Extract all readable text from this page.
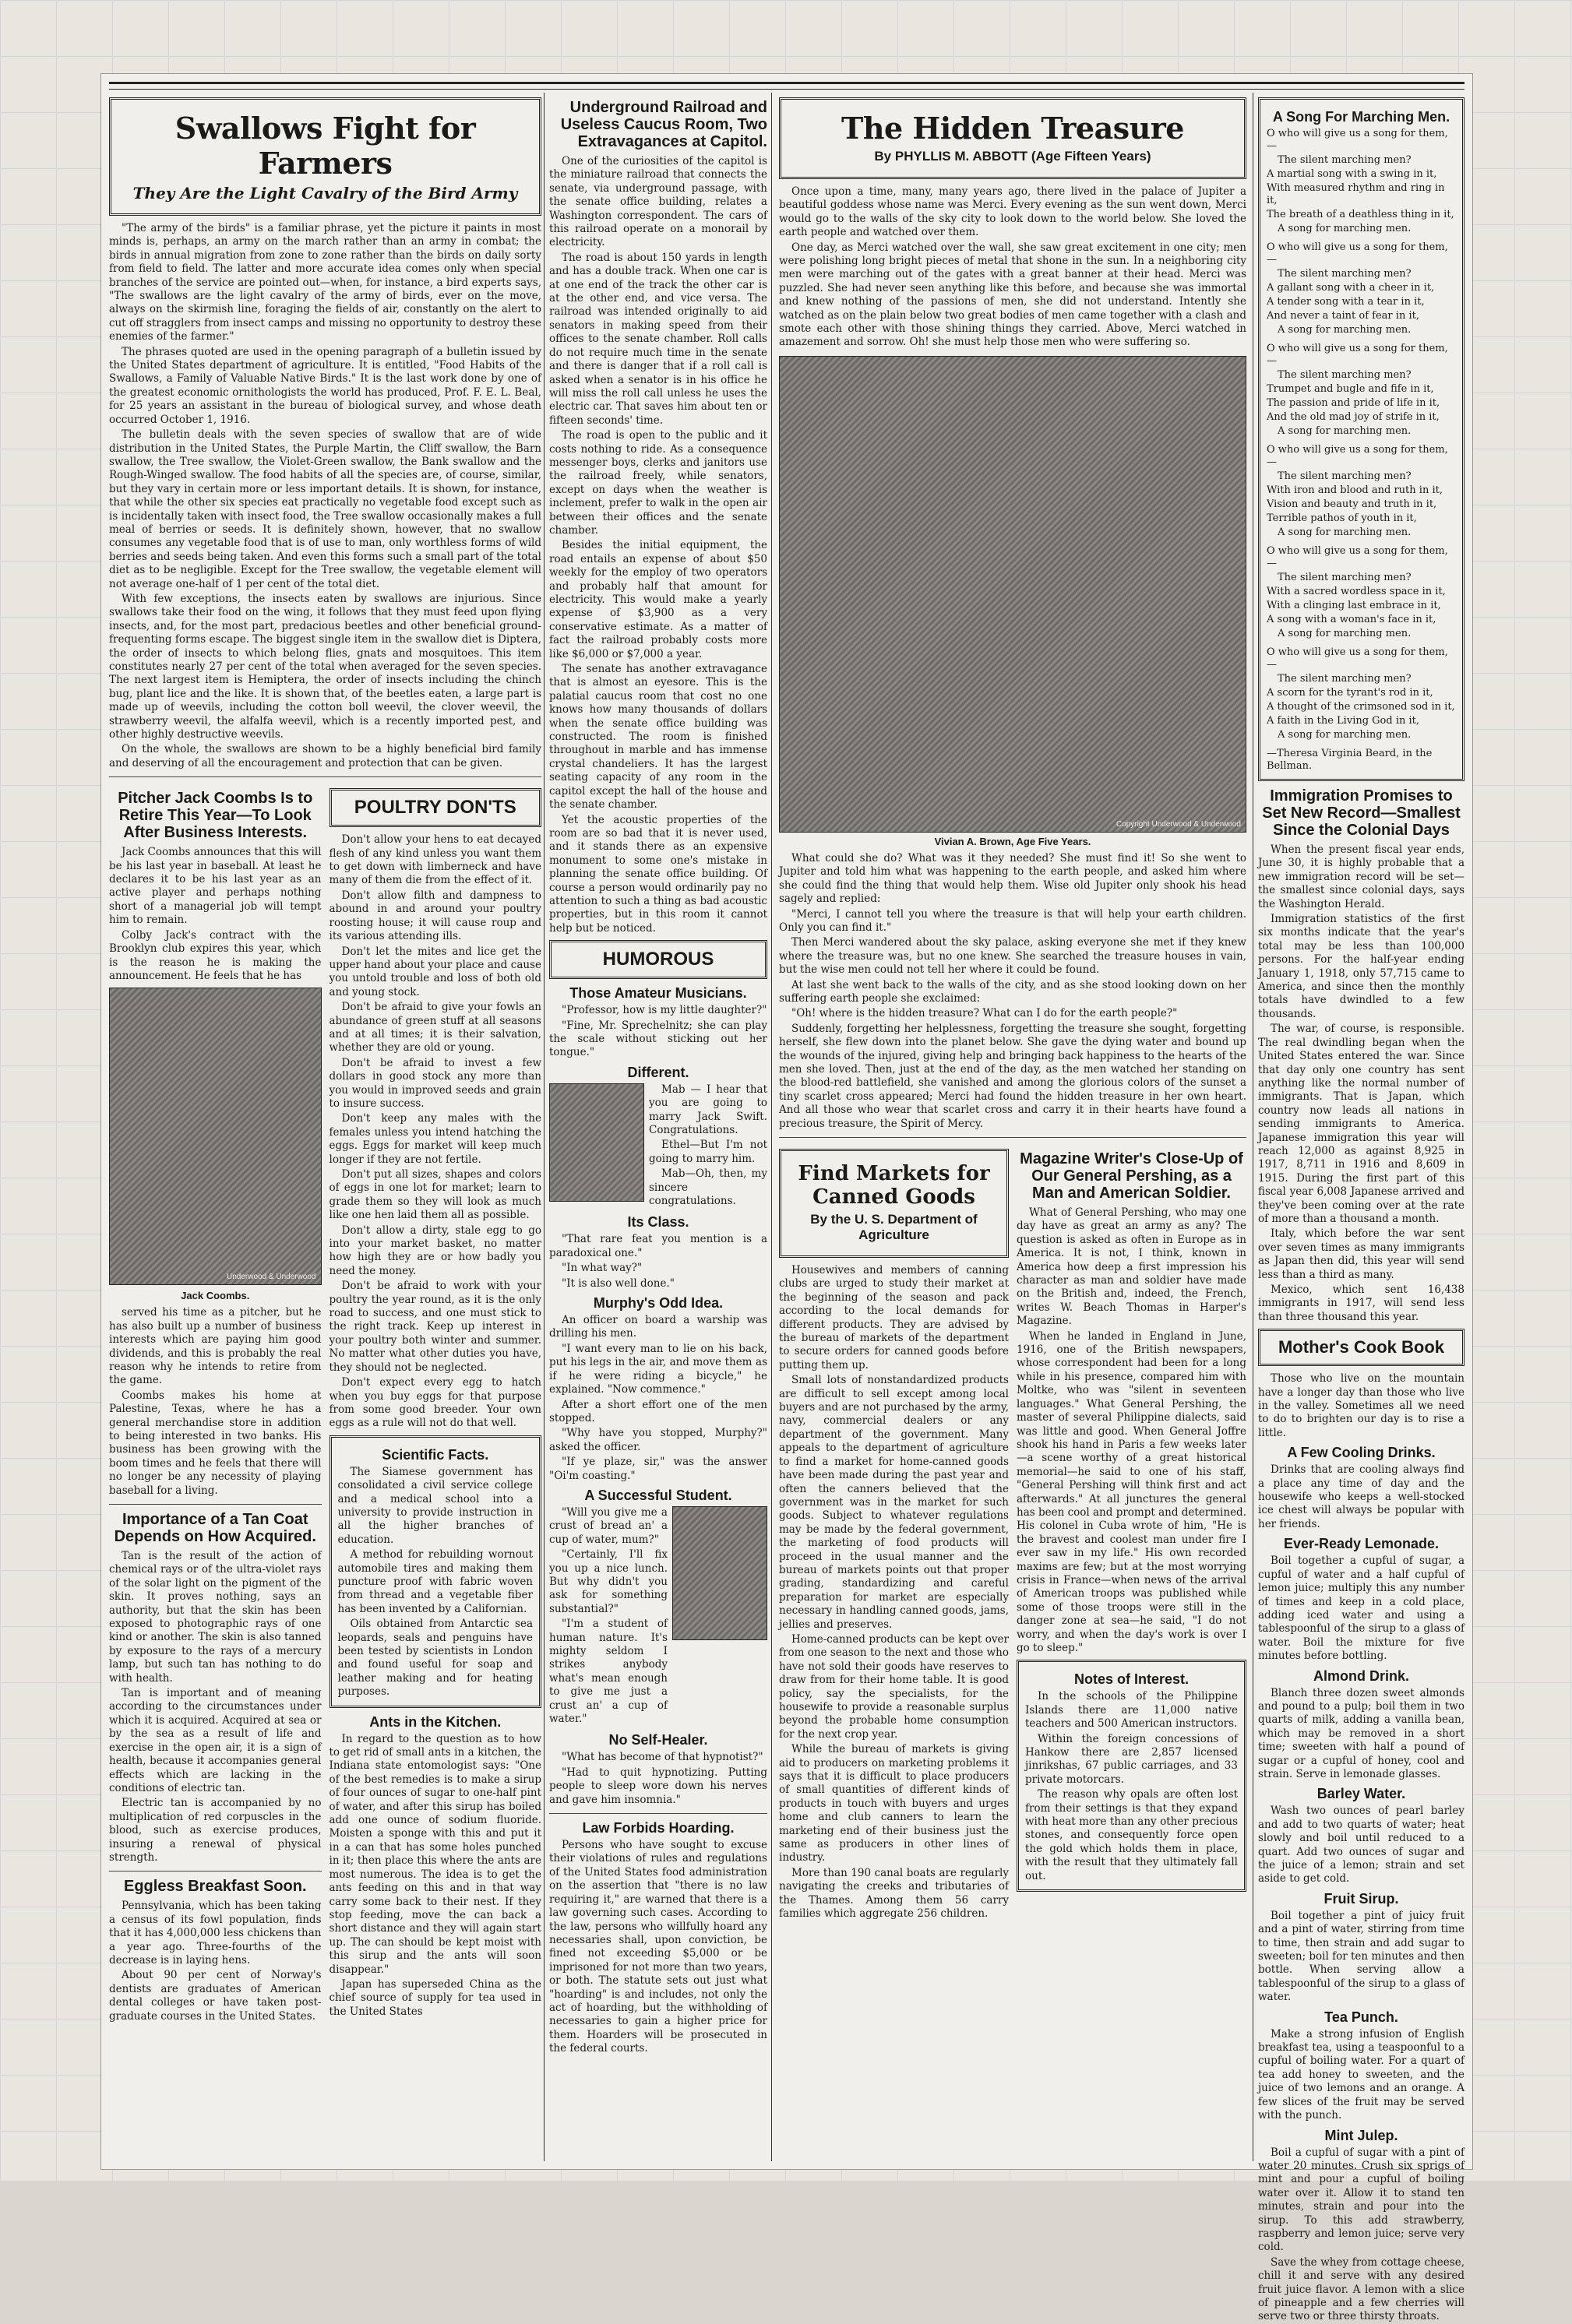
Swallows Fight for Farmers
They Are the Light Cavalry of the Bird Army

"The army of the birds" is a familiar phrase, yet the picture it paints in most minds is, perhaps, an army on the march rather than an army in combat; the birds in annual migration from zone to zone rather than the birds on daily sorty from field to field. The latter and more accurate idea comes only when special branches of the service are pointed out—when, for instance, a bird experts says, "The swallows are the light cavalry of the army of birds, ever on the move, always on the skirmish line, foraging the fields of air, constantly on the alert to cut off stragglers from insect camps and missing no opportunity to destroy these enemies of the farmer."

The phrases quoted are used in the opening paragraph of a bulletin issued by the United States department of agriculture. It is entitled, "Food Habits of the Swallows, a Family of Valuable Native Birds." It is the last work done by one of the greatest economic ornithologists the world has produced, Prof. F. E. L. Beal, for 25 years an assistant in the bureau of biological survey, and whose death occurred October 1, 1916.

The bulletin deals with the seven species of swallow that are of wide distribution in the United States, the Purple Martin, the Cliff swallow, the Barn swallow, the Tree swallow, the Violet-Green swallow, the Bank swallow and the Rough-Winged swallow. The food habits of all the species are, of course, similar, but they vary in certain more or less important details. It is shown, for instance, that while the other six species eat practically no vegetable food except such as is incidentally taken with insect food, the Tree swallow occasionally makes a full meal of berries or seeds. It is definitely shown, however, that no swallow consumes any vegetable food that is of use to man, only worthless forms of wild berries and seeds being taken. And even this forms such a small part of the total diet as to be negligible. Except for the Tree swallow, the vegetable element will not average one-half of 1 per cent of the total diet.

With few exceptions, the insects eaten by swallows are injurious. Since swallows take their food on the wing, it follows that they must feed upon flying insects, and, for the most part, predacious beetles and other beneficial ground-frequenting forms escape. The biggest single item in the swallow diet is Diptera, the order of insects to which belong flies, gnats and mosquitoes. This item constitutes nearly 27 per cent of the total when averaged for the seven species. The next largest item is Hemiptera, the order of insects including the chinch bug, plant lice and the like. It is shown that, of the beetles eaten, a large part is made up of weevils, including the cotton boll weevil, the clover weevil, the strawberry weevil, the alfalfa weevil, which is a recently imported pest, and other highly destructive weevils.

On the whole, the swallows are shown to be a highly beneficial bird family and deserving of all the encouragement and protection that can be given.

Pitcher Jack Coombs Is to Retire This Year—To Look After Business Interests.

Jack Coombs announces that this will be his last year in baseball. At least he declares it to be his last year as an active player and perhaps nothing short of a managerial job will tempt him to remain.

Colby Jack's contract with the Brooklyn club expires this year, which is the reason he is making the announcement. He feels that he has

Underwood & Underwood
Jack Coombs.

served his time as a pitcher, but he has also built up a number of business interests which are paying him good dividends, and this is probably the real reason why he intends to retire from the game.

Coombs makes his home at Palestine, Texas, where he has a general merchandise store in addition to being interested in two banks. His business has been growing with the boom times and he feels that there will no longer be any necessity of playing baseball for a living.

Importance of a Tan Coat Depends on How Acquired.

Tan is the result of the action of chemical rays or of the ultra-violet rays of the solar light on the pigment of the skin. It proves nothing, says an authority, but that the skin has been exposed to photographic rays of one kind or another. The skin is also tanned by exposure to the rays of a mercury lamp, but such tan has nothing to do with health.

Tan is important and of meaning according to the circumstances under which it is acquired. Acquired at sea or by the sea as a result of life and exercise in the open air, it is a sign of health, because it accompanies general effects which are lacking in the conditions of electric tan.

Electric tan is accompanied by no multiplication of red corpuscles in the blood, such as exercise produces, insuring a renewal of physical strength.

Eggless Breakfast Soon.

Pennsylvania, which has been taking a census of its fowl population, finds that it has 4,000,000 less chickens than a year ago. Three-fourths of the decrease is in laying hens.

About 90 per cent of Norway's dentists are graduates of American dental colleges or have taken post-graduate courses in the United States.

POULTRY DON'TS

Don't allow your hens to eat decayed flesh of any kind unless you want them to get down with limberneck and have many of them die from the effect of it.

Don't allow filth and dampness to abound in and around your poultry roosting house; it will cause roup and its various attending ills.

Don't let the mites and lice get the upper hand about your place and cause you untold trouble and loss of both old and young stock.

Don't be afraid to give your fowls an abundance of green stuff at all seasons and at all times; it is their salvation, whether they are old or young.

Don't be afraid to invest a few dollars in good stock any more than you would in improved seeds and grain to insure success.

Don't keep any males with the females unless you intend hatching the eggs. Eggs for market will keep much longer if they are not fertile.

Don't put all sizes, shapes and colors of eggs in one lot for market; learn to grade them so they will look as much like one hen laid them all as possible.

Don't allow a dirty, stale egg to go into your market basket, no matter how high they are or how badly you need the money.

Don't be afraid to work with your poultry the year round, as it is the only road to success, and one must stick to the right track. Keep up interest in your poultry both winter and summer. No matter what other duties you have, they should not be neglected.

Don't expect every egg to hatch when you buy eggs for that purpose from some good breeder. Your own eggs as a rule will not do that well.

Scientific Facts.

The Siamese government has consolidated a civil service college and a medical school into a university to provide instruction in all the higher branches of education.

A method for rebuilding wornout automobile tires and making them puncture proof with fabric woven from thread and a vegetable fiber has been invented by a Californian.

Oils obtained from Antarctic sea leopards, seals and penguins have been tested by scientists in London and found useful for soap and leather making and for heating purposes.

Ants in the Kitchen.

In regard to the question as to how to get rid of small ants in a kitchen, the Indiana state entomologist says: "One of the best remedies is to make a sirup of four ounces of sugar to one-half pint of water, and after this sirup has boiled add one ounce of sodium fluoride. Moisten a sponge with this and put it in a can that has some holes punched in it; then place this where the ants are most numerous. The idea is to get the ants feeding on this and in that way carry some back to their nest. If they stop feeding, move the can back a short distance and they will again start up. The can should be kept moist with this sirup and the ants will soon disappear."

Japan has superseded China as the chief source of supply for tea used in the United States

Underground Railroad and Useless Caucus Room, Two Extravagances at Capitol.

One of the curiosities of the capitol is the miniature railroad that connects the senate, via underground passage, with the senate office building, relates a Washington correspondent. The cars of this railroad operate on a monorail by electricity.

The road is about 150 yards in length and has a double track. When one car is at one end of the track the other car is at the other end, and vice versa. The railroad was intended originally to aid senators in making speed from their offices to the senate chamber. Roll calls do not require much time in the senate and there is danger that if a roll call is asked when a senator is in his office he will miss the roll call unless he uses the electric car. That saves him about ten or fifteen seconds' time.

The road is open to the public and it costs nothing to ride. As a consequence messenger boys, clerks and janitors use the railroad freely, while senators, except on days when the weather is inclement, prefer to walk in the open air between their offices and the senate chamber.

Besides the initial equipment, the road entails an expense of about $50 weekly for the employ of two operators and probably half that amount for electricity. This would make a yearly expense of $3,900 as a very conservative estimate. As a matter of fact the railroad probably costs more like $6,000 or $7,000 a year.

The senate has another extravagance that is almost an eyesore. This is the palatial caucus room that cost no one knows how many thousands of dollars when the senate office building was constructed. The room is finished throughout in marble and has immense crystal chandeliers. It has the largest seating capacity of any room in the capitol except the hall of the house and the senate chamber.

Yet the acoustic properties of the room are so bad that it is never used, and it stands there as an expensive monument to some one's mistake in planning the senate office building. Of course a person would ordinarily pay no attention to such a thing as bad acoustic properties, but in this room it cannot help but be noticed.

HUMOROUS
Those Amateur Musicians.

"Professor, how is my little daughter?"

"Fine, Mr. Sprechelnitz; she can play the scale without sticking out her tongue."

Different.

Mab — I hear that you are going to marry Jack Swift. Congratulations.

Ethel—But I'm not going to marry him.

Mab—Oh, then, my sincere congratulations.

Its Class.

"That rare feat you mention is a paradoxical one."

"In what way?"

"It is also well done."

Murphy's Odd Idea.

An officer on board a warship was drilling his men.

"I want every man to lie on his back, put his legs in the air, and move them as if he were riding a bicycle," he explained. "Now commence."

After a short effort one of the men stopped.

"Why have you stopped, Murphy?" asked the officer.

"If ye plaze, sir," was the answer "Oi'm coasting."

A Successful Student.

"Will you give me a crust of bread an' a cup of water, mum?"

"Certainly, I'll fix you up a nice lunch. But why didn't you ask for something substantial?"

"I'm a student of human nature. It's mighty seldom I strikes anybody what's mean enough to give me just a crust an' a cup of water."

No Self-Healer.

"What has become of that hypnotist?"

"Had to quit hypnotizing. Putting people to sleep wore down his nerves and gave him insomnia."

Law Forbids Hoarding.

Persons who have sought to excuse their violations of rules and regulations of the United States food administration on the assertion that "there is no law requiring it," are warned that there is a law governing such cases. According to the law, persons who willfully hoard any necessaries shall, upon conviction, be fined not exceeding $5,000 or be imprisoned for not more than two years, or both. The statute sets out just what "hoarding" is and includes, not only the act of hoarding, but the withholding of necessaries to gain a higher price for them. Hoarders will be prosecuted in the federal courts.

The Hidden Treasure
By PHYLLIS M. ABBOTT (Age Fifteen Years)

Once upon a time, many, many years ago, there lived in the palace of Jupiter a beautiful goddess whose name was Merci. Every evening as the sun went down, Merci would go to the walls of the sky city to look down to the world below. She loved the earth people and watched over them.

One day, as Merci watched over the wall, she saw great excitement in one city; men were polishing long bright pieces of metal that shone in the sun. In a neighboring city men were marching out of the gates with a great banner at their head. Merci was puzzled. She had never seen anything like this before, and because she was immortal and knew nothing of the passions of men, she did not understand. Intently she watched as on the plain below two great bodies of men came together with a clash and smote each other with those shining things they carried. Above, Merci watched in amazement and sorrow. Oh! she must help those men who were suffering so.

Copyright Underwood & Underwood
Vivian A. Brown, Age Five Years.

What could she do? What was it they needed? She must find it! So she went to Jupiter and told him what was happening to the earth people, and asked him where she could find the thing that would help them. Wise old Jupiter only shook his head sagely and replied:

"Merci, I cannot tell you where the treasure is that will help your earth children. Only you can find it."

Then Merci wandered about the sky palace, asking everyone she met if they knew where the treasure was, but no one knew. She searched the treasure houses in vain, but the wise men could not tell her where it could be found.

At last she went back to the walls of the city, and as she stood looking down on her suffering earth people she exclaimed:

"Oh! where is the hidden treasure? What can I do for the earth people?"

Suddenly, forgetting her helplessness, forgetting the treasure she sought, forgetting herself, she flew down into the planet below. She gave the dying water and bound up the wounds of the injured, giving help and bringing back happiness to the hearts of the men she loved. Then, just at the end of the day, as the men watched her standing on the blood-red battlefield, she vanished and among the glorious colors of the sunset a tiny scarlet cross appeared; Merci had found the hidden treasure in her own heart. And all those who wear that scarlet cross and carry it in their hearts have found a precious treasure, the Spirit of Mercy.

Find Markets for Canned Goods
By the U. S. Department of Agriculture

Housewives and members of canning clubs are urged to study their market at the beginning of the season and pack according to the local demands for different products. They are advised by the bureau of markets of the department to secure orders for canned goods before putting them up.

Small lots of nonstandardized products are difficult to sell except among local buyers and are not purchased by the army, navy, commercial dealers or any department of the government. Many appeals to the department of agriculture to find a market for home-canned goods have been made during the past year and often the canners believed that the government was in the market for such goods. Subject to whatever regulations may be made by the federal government, the marketing of food products will proceed in the usual manner and the bureau of markets points out that proper grading, standardizing and careful preparation for market are especially necessary in handling canned goods, jams, jellies and preserves.

Home-canned products can be kept over from one season to the next and those who have not sold their goods have reserves to draw from for their home table. It is good policy, say the specialists, for the housewife to provide a reasonable surplus beyond the probable home consumption for the next crop year.

While the bureau of markets is giving aid to producers on marketing problems it says that it is difficult to place producers of small quantities of different kinds of products in touch with buyers and urges home and club canners to learn the marketing end of their business just the same as producers in other lines of industry.

More than 190 canal boats are regularly navigating the creeks and tributaries of the Thames. Among them 56 carry families which aggregate 256 children.

Magazine Writer's Close-Up of Our General Pershing, as a Man and American Soldier.

What of General Pershing, who may one day have as great an army as any? The question is asked as often in Europe as in America. It is not, I think, known in America how deep a first impression his character as man and soldier have made on the British and, indeed, the French, writes W. Beach Thomas in Harper's Magazine.

When he landed in England in June, 1916, one of the British newspapers, whose correspondent had been for a long while in his presence, compared him with Moltke, who was "silent in seventeen languages." What General Pershing, the master of several Philippine dialects, said was little and good. When General Joffre shook his hand in Paris a few weeks later—a scene worthy of a great historical memorial—he said to one of his staff, "General Pershing will think first and act afterwards." At all junctures the general has been cool and prompt and determined. His colonel in Cuba wrote of him, "He is the bravest and coolest man under fire I ever saw in my life." His own recorded maxims are few; but at the most worrying crisis in France—when news of the arrival of American troops was published while some of those troops were still in the danger zone at sea—he said, "I do not worry, and when the day's work is over I go to sleep."

Notes of Interest.

In the schools of the Philippine Islands there are 11,000 native teachers and 500 American instructors.

Within the foreign concessions of Hankow there are 2,857 licensed jinrikshas, 67 public carriages, and 33 private motorcars.

The reason why opals are often lost from their settings is that they expand with heat more than any other precious stones, and consequently force open the gold which holds them in place, with the result that they ultimately fall out.

A Song For Marching Men.

O who will give us a song for them,—

The silent marching men?

A martial song with a swing in it,

With measured rhythm and ring in it,

The breath of a deathless thing in it,

A song for marching men.

O who will give us a song for them,—

The silent marching men?

A gallant song with a cheer in it,

A tender song with a tear in it,

And never a taint of fear in it,

A song for marching men.

O who will give us a song for them,—

The silent marching men?

Trumpet and bugle and fife in it,

The passion and pride of life in it,

And the old mad joy of strife in it,

A song for marching men.

O who will give us a song for them,—

The silent marching men?

With iron and blood and ruth in it,

Vision and beauty and truth in it,

Terrible pathos of youth in it,

A song for marching men.

O who will give us a song for them,—

The silent marching men?

With a sacred wordless space in it,

With a clinging last embrace in it,

A song with a woman's face in it,

A song for marching men.

O who will give us a song for them,—

The silent marching men?

A scorn for the tyrant's rod in it,

A thought of the crimsoned sod in it,

A faith in the Living God in it,

A song for marching men.

—Theresa Virginia Beard, in the Bellman.

Immigration Promises to Set New Record—Smallest Since the Colonial Days

When the present fiscal year ends, June 30, it is highly probable that a new immigration record will be set—the smallest since colonial days, says the Washington Herald.

Immigration statistics of the first six months indicate that the year's total may be less than 100,000 persons. For the half-year ending January 1, 1918, only 57,715 came to America, and since then the monthly totals have dwindled to a few thousands.

The war, of course, is responsible. The real dwindling began when the United States entered the war. Since that day only one country has sent anything like the normal number of immigrants. That is Japan, which country now leads all nations in sending immigrants to America. Japanese immigration this year will reach 12,000 as against 8,925 in 1917, 8,711 in 1916 and 8,609 in 1915. During the first part of this fiscal year 6,008 Japanese arrived and they've been coming over at the rate of more than a thousand a month.

Italy, which before the war sent over seven times as many immigrants as Japan then did, this year will send less than a third as many.

Mexico, which sent 16,438 immigrants in 1917, will send less than three thousand this year.

Mother's Cook Book

Those who live on the mountain have a longer day than those who live in the valley. Sometimes all we need to do to brighten our day is to rise a little.

A Few Cooling Drinks.

Drinks that are cooling always find a place any time of day and the housewife who keeps a well-stocked ice chest will always be popular with her friends.

Ever-Ready Lemonade.

Boil together a cupful of sugar, a cupful of water and a half cupful of lemon juice; multiply this any number of times and keep in a cold place, adding iced water and using a tablespoonful of the sirup to a glass of water. Boil the mixture for five minutes before bottling.

Almond Drink.

Blanch three dozen sweet almonds and pound to a pulp; boil them in two quarts of milk, adding a vanilla bean, which may be removed in a short time; sweeten with half a pound of sugar or a cupful of honey, cool and strain. Serve in lemonade glasses.

Barley Water.

Wash two ounces of pearl barley and add to two quarts of water; heat slowly and boil until reduced to a quart. Add two ounces of sugar and the juice of a lemon; strain and set aside to get cold.

Fruit Sirup.

Boil together a pint of juicy fruit and a pint of water, stirring from time to time, then strain and add sugar to sweeten; boil for ten minutes and then bottle. When serving allow a tablespoonful of the sirup to a glass of water.

Tea Punch.

Make a strong infusion of English breakfast tea, using a teaspoonful to a cupful of boiling water. For a quart of tea add honey to sweeten, and the juice of two lemons and an orange. A few slices of the fruit may be served with the punch.

Mint Julep.

Boil a cupful of sugar with a pint of water 20 minutes. Crush six sprigs of mint and pour a cupful of boiling water over it. Allow it to stand ten minutes, strain and pour into the sirup. To this add strawberry, raspberry and lemon juice; serve very cold.

Save the whey from cottage cheese, chill it and serve with any desired fruit juice flavor. A lemon with a slice of pineapple and a few cherries will serve two or three thirsty throats.
